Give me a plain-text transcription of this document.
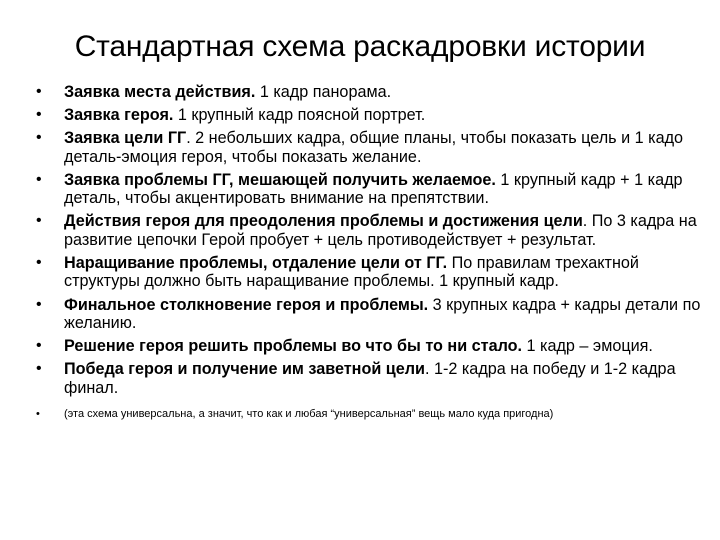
Стандартная схема раскадровки истории
•	Заявка места действия. 1 кадр панорама.
•	Заявка героя. 1 крупный кадр поясной портрет.
•	Заявка цели ГГ. 2 небольших кадра, общие планы, чтобы показать цель и 1 кадо деталь-эмоция героя, чтобы показать желание.
•	Заявка проблемы ГГ, мешающей получить желаемое. 1 крупный кадр + 1 кадр деталь, чтобы акцентировать внимание на препятствии.
•	Действия героя для преодоления проблемы и достижения цели. По 3 кадра на развитие цепочки Герой пробует + цель противодействует + результат.
•	Наращивание проблемы, отдаление цели от ГГ. По правилам трехактной структуры должно быть наращивание проблемы. 1 крупный кадр.
•	Финальное столкновение героя и проблемы. 3 крупных кадра + кадры детали по желанию.
•	Решение героя решить проблемы во что бы то ни стало. 1 кадр – эмоция.
•	Победа героя и получение им заветной цели. 1-2 кадра на победу и 1-2 кадра финал.
•	(эта схема универсальна, а значит, что как и любая “универсальная” вещь мало куда пригодна)
